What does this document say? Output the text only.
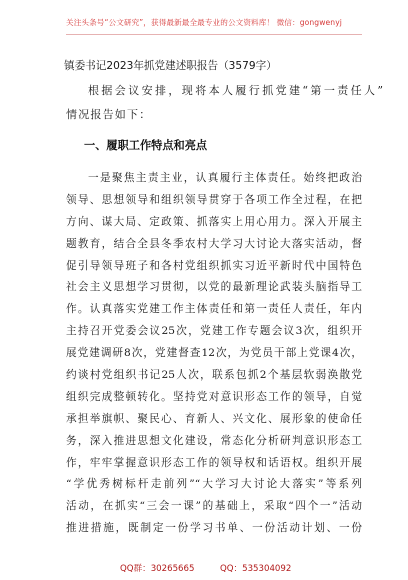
关注头条号“公文研究”，获得最新最全最专业的公文资料库！ 微信：gongwenyj
镇委书记2023年抓党建述职报告（3579字）
根据会议安排，现将本人履行抓党建“第一责任人”
情况报告如下：
一、履职工作特点和亮点
一是聚焦主责主业，认真履行主体责任。始终把政治
领导、思想领导和组织领导贯穿于各项工作全过程，在把
方向、谋大局、定政策、抓落实上用心用力。深入开展主
题教育，结合全县冬季农村大学习大讨论大落实活动，督
促引导领导班子和各村党组织抓实习近平新时代中国特色
社会主义思想学习贯彻，以党的最新理论武装头脑指导工
作。认真落实党建工作主体责任和第一责任人责任，年内
主持召开党委会议25次，党建工作专题会议3次，组织开
展党建调研8次，党建督查12次，为党员干部上党课4次，
约谈村党组织书记25人次，联系包抓2个基层软弱涣散党
组织完成整顿转化。坚持党对意识形态工作的领导，自觉
承担举旗帜、聚民心、育新人、兴文化、展形象的使命任
务，深入推进思想文化建设，常态化分析研判意识形态工
作，牢牢掌握意识形态工作的领导权和话语权。组织开展
“学优秀树标杆走前列”“大学习大讨论大落实”等系列
活动，在抓实“三会一课”的基础上，采取“四个一”活动
推进措施，既制定一份学习书单、一份活动计划、一份
QQ群：30265665	QQ：535304092
